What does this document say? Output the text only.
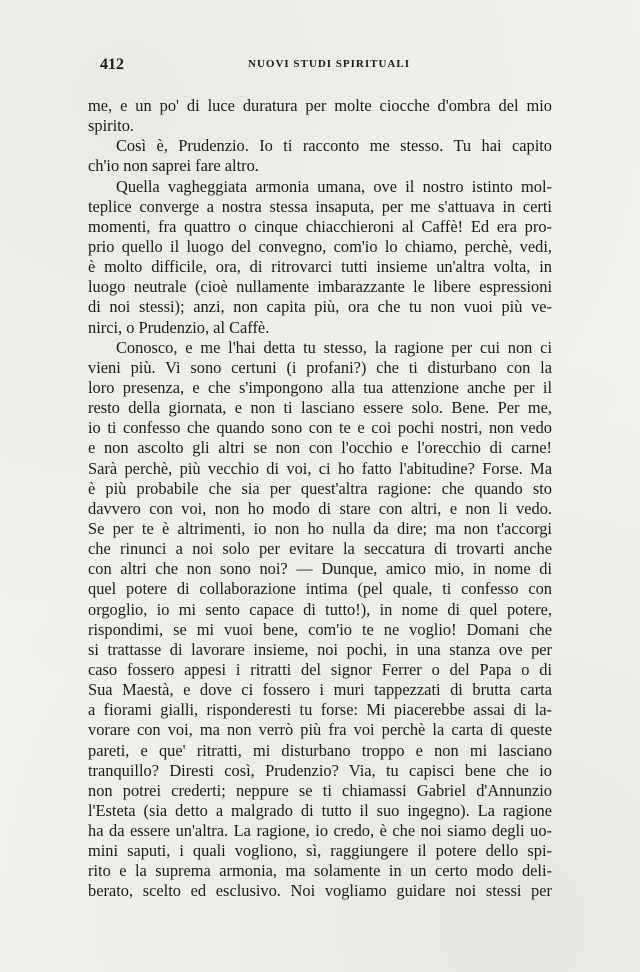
412	NUOVI STUDI SPIRITUALI
me, e un po' di luce duratura per molte ciocche d'ombra del mio
spirito.
Così è, Prudenzio. Io ti racconto me stesso. Tu hai capito
ch'io non saprei fare altro.
Quella vagheggiata armonia umana, ove il nostro istinto mol-
teplice converge a nostra stessa insaputa, per me s'attuava in certi
momenti, fra quattro o cinque chiacchieroni al Caffè! Ed era pro-
prio quello il luogo del convegno, com'io lo chiamo, perchè, vedi,
è molto difficile, ora, di ritrovarci tutti insieme un'altra volta, in
luogo neutrale (cioè nullamente imbarazzante le libere espressioni
di noi stessi); anzi, non capita più, ora che tu non vuoi più ve-
nirci, o Prudenzio, al Caffè.
Conosco, e me l'hai detta tu stesso, la ragione per cui non ci
vieni più. Vi sono certuni (i profani?) che ti disturbano con la
loro presenza, e che s'impongono alla tua attenzione anche per il
resto della giornata, e non ti lasciano essere solo. Bene. Per me,
io ti confesso che quando sono con te e coi pochi nostri, non vedo
e non ascolto gli altri se non con l'occhio e l'orecchio di carne!
Sarà perchè, più vecchio di voi, ci ho fatto l'abitudine? Forse. Ma
è più probabile che sia per quest'altra ragione: che quando sto
davvero con voi, non ho modo di stare con altri, e non li vedo.
Se per te è altrimenti, io non ho nulla da dire; ma non t'accorgi
che rinunci a noi solo per evitare la seccatura di trovarti anche
con altri che non sono noi? — Dunque, amico mio, in nome di
quel potere di collaborazione intima (pel quale, ti confesso con
orgoglio, io mi sento capace di tutto!), in nome di quel potere,
rispondimi, se mi vuoi bene, com'io te ne voglio! Domani che
si trattasse di lavorare insieme, noi pochi, in una stanza ove per
caso fossero appesi i ritratti del signor Ferrer o del Papa o di
Sua Maestà, e dove ci fossero i muri tappezzati di brutta carta
a fiorami gialli, risponderesti tu forse: Mi piacerebbe assai di la-
vorare con voi, ma non verrò più fra voi perchè la carta di queste
pareti, e que' ritratti, mi disturbano troppo e non mi lasciano
tranquillo? Diresti così, Prudenzio? Via, tu capisci bene che io
non potrei crederti; neppure se ti chiamassi Gabriel d'Annunzio
l'Esteta (sia detto a malgrado di tutto il suo ingegno). La ragione
ha da essere un'altra. La ragione, io credo, è che noi siamo degli uo-
mini saputi, i quali vogliono, sì, raggiungere il potere dello spi-
rito e la suprema armonia, ma solamente in un certo modo deli-
berato, scelto ed esclusivo. Noi vogliamo guidare noi stessi per
